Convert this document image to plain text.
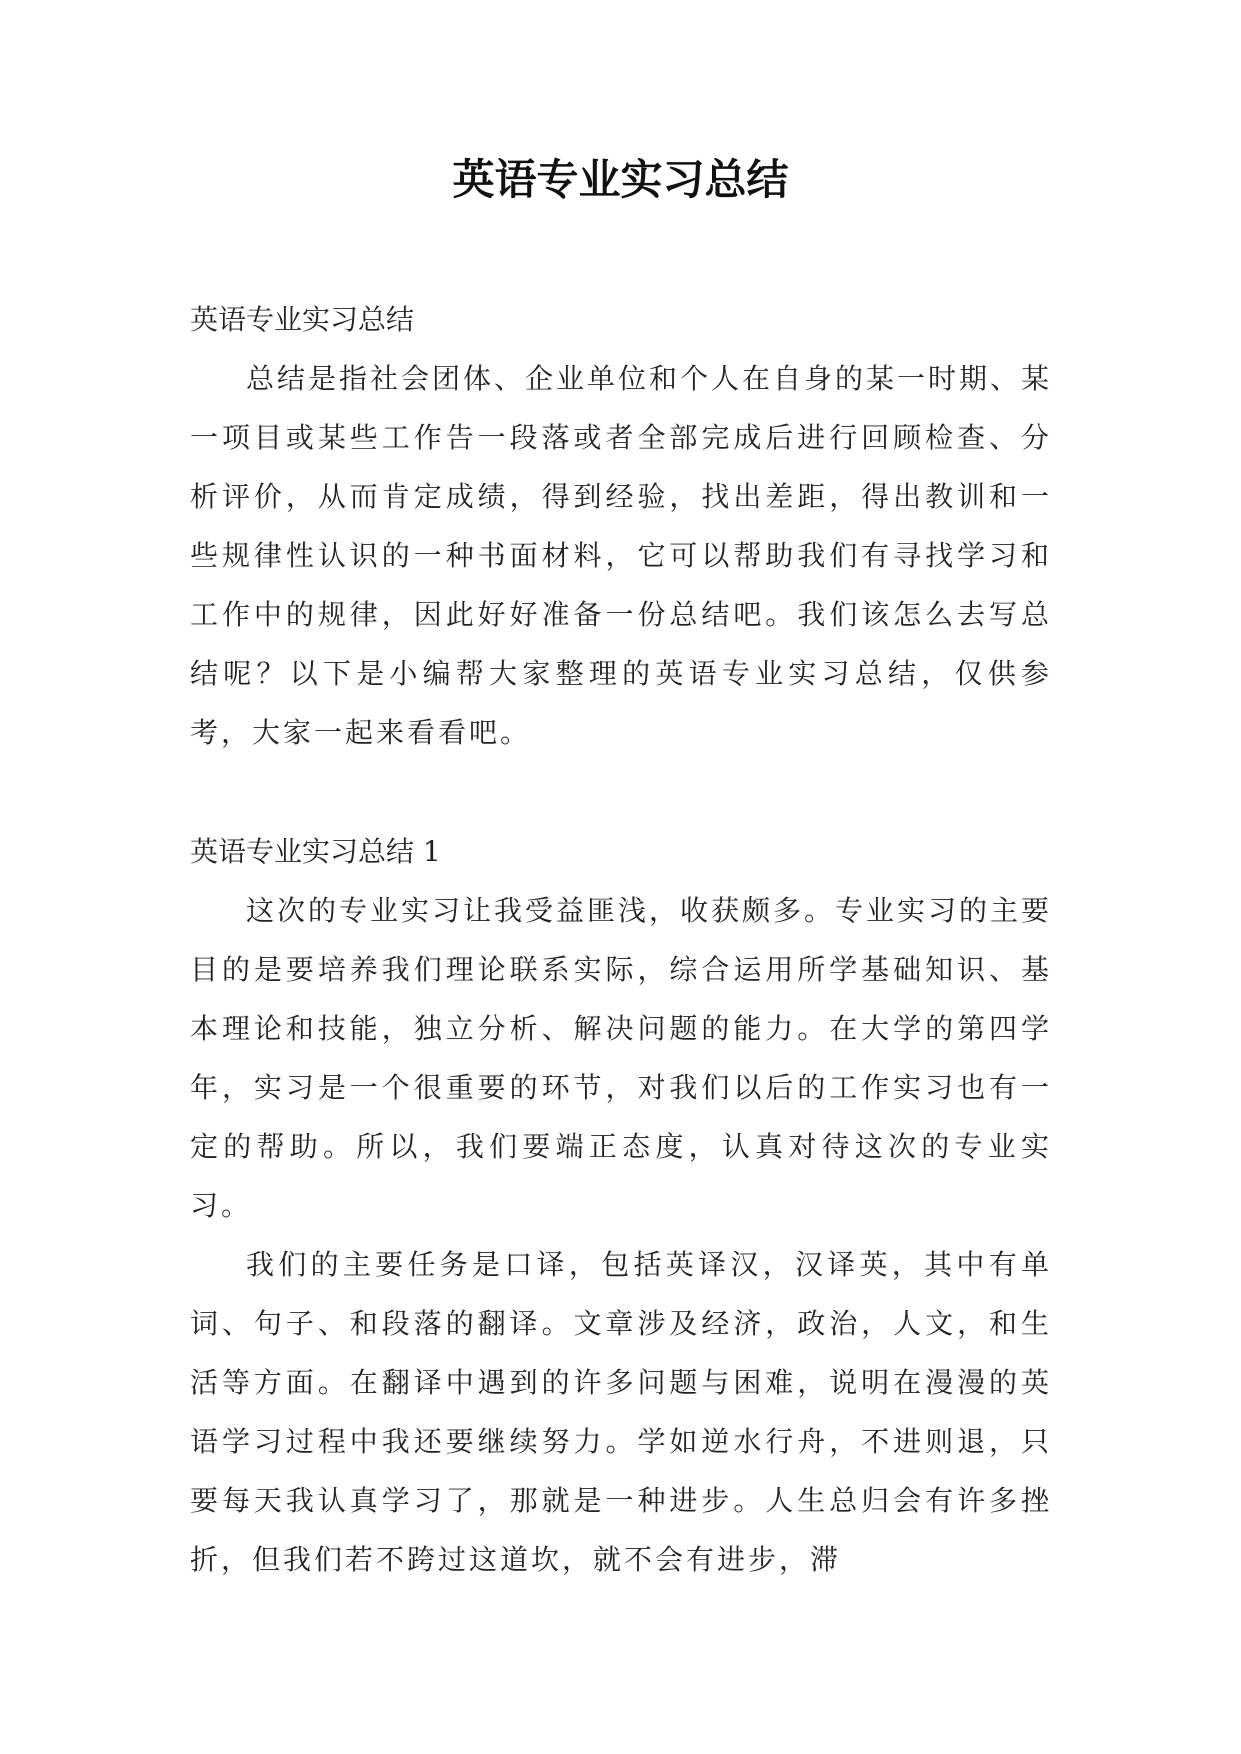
英语专业实习总结

英语专业实习总结

总结是指社会团体、企业单位和个人在自身的某一时期、某一项目或某些工作告一段落或者全部完成后进行回顾检查、分析评价，从而肯定成绩，得到经验，找出差距，得出教训和一些规律性认识的一种书面材料，它可以帮助我们有寻找学习和工作中的规律，因此好好准备一份总结吧。我们该怎么去写总结呢？以下是小编帮大家整理的英语专业实习总结，仅供参考，大家一起来看看吧。

英语专业实习总结 1

这次的专业实习让我受益匪浅，收获颇多。专业实习的主要目的是要培养我们理论联系实际，综合运用所学基础知识、基本理论和技能，独立分析、解决问题的能力。在大学的第四学年，实习是一个很重要的环节，对我们以后的工作实习也有一定的帮助。所以，我们要端正态度，认真对待这次的专业实习。

我们的主要任务是口译，包括英译汉，汉译英，其中有单词、句子、和段落的翻译。文章涉及经济，政治，人文，和生活等方面。在翻译中遇到的许多问题与困难，说明在漫漫的英语学习过程中我还要继续努力。学如逆水行舟，不进则退，只要每天我认真学习了，那就是一种进步。人生总归会有许多挫折，但我们若不跨过这道坎，就不会有进步，滞
